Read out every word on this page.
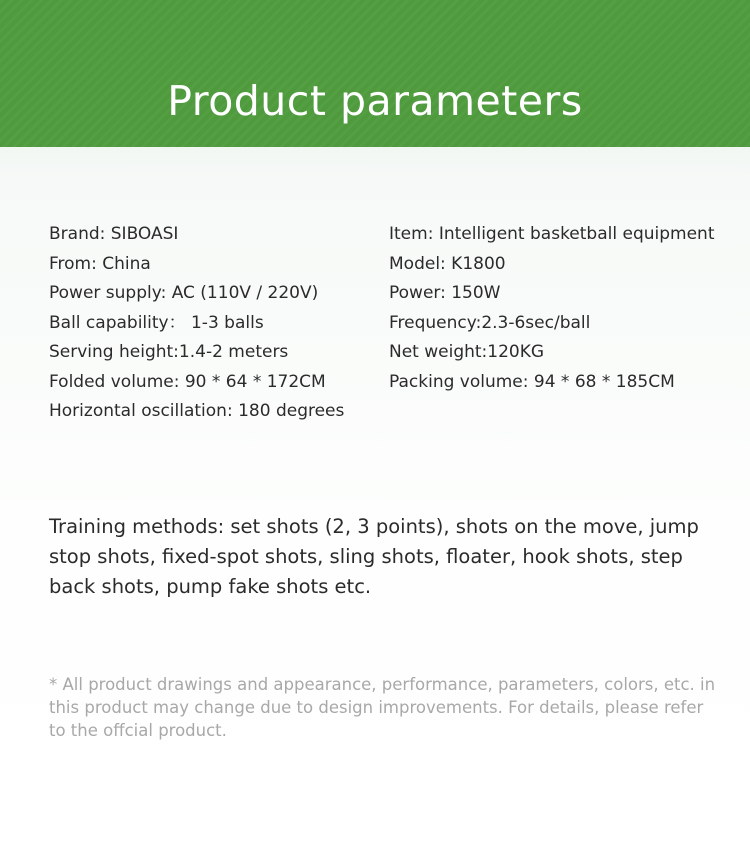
Product parameters
Brand: SIBOASI
From: China
Power supply: AC (110V / 220V)
Ball capability： 1-3 balls
Serving height:1.4-2 meters
Folded volume: 90 * 64 * 172CM
Horizontal oscillation: 180 degrees
Item: Intelligent basketball equipment
Model: K1800
Power: 150W
Frequency:2.3-6sec/ball
Net weight:120KG
Packing volume: 94 * 68 * 185CM

Training methods: set shots (2, 3 points), shots on the move, jump stop shots, fixed-spot shots, sling shots, floater, hook shots, step back shots, pump fake shots etc.

* All product drawings and appearance, performance, parameters, colors, etc. in this product may change due to design improvements. For details, please refer to the offcial product.
